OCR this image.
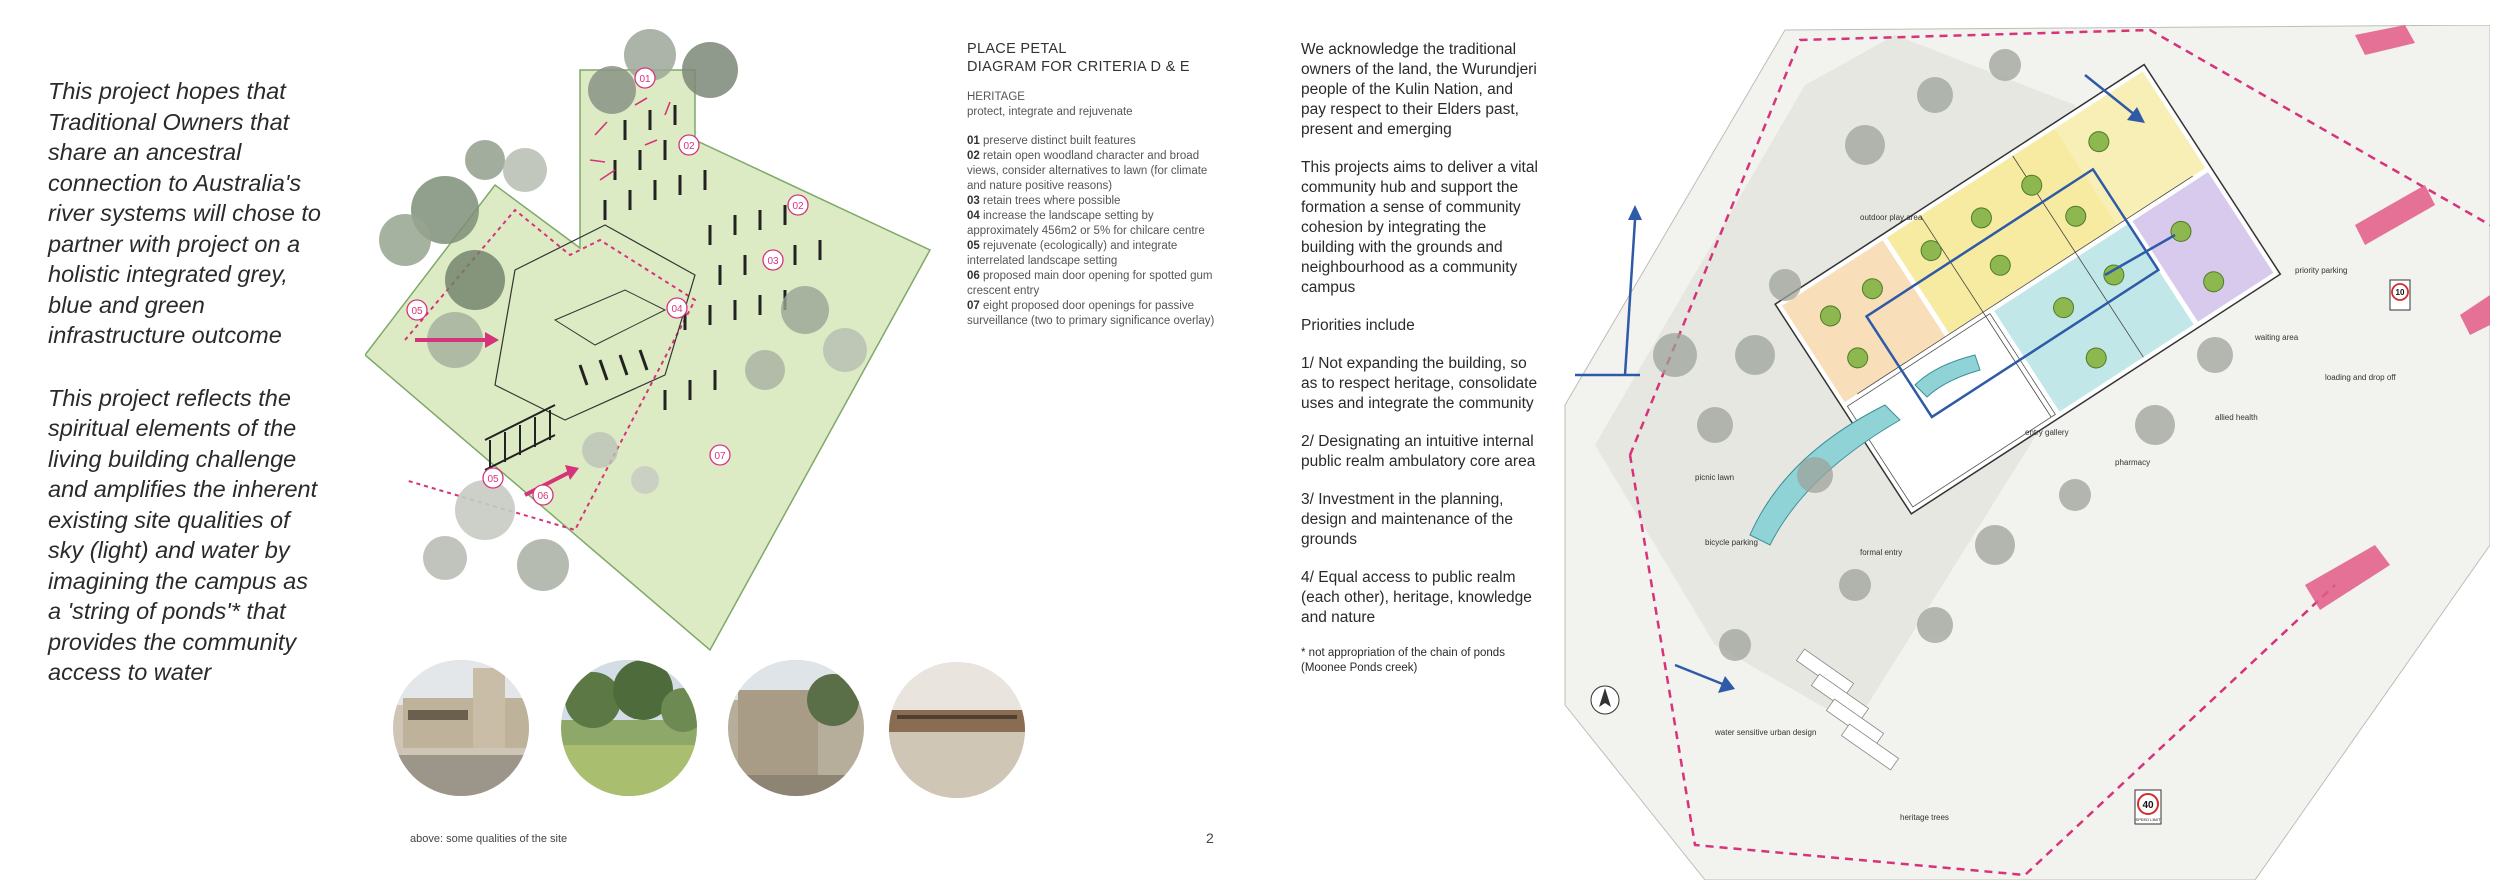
This project hopes that Traditional Owners that share an ancestral connection to Australia's river systems will chose to partner with project on a holistic integrated grey, blue and green infrastructure outcome

This project reflects the spiritual elements of the living building challenge and amplifies the inherent existing site qualities of sky (light) and water by imagining the campus as a 'string of ponds'* that provides the community access to water

01
02
02
03
04
05
05
06
07
PLACE PETAL
DIAGRAM FOR CRITERIA D & E
HERITAGE
protect, integrate and rejuvenate
01 preserve distinct built features
02 retain open woodland character and broad views, consider alternatives to lawn (for climate and nature positive reasons)
03 retain trees where possible
04 increase the landscape setting by approximately 456m2 or 5% for chilcare centre
05 rejuvenate (ecologically) and integrate interrelated landscape setting
06 proposed main door opening for spotted gum crescent entry
07 eight proposed door openings for passive surveillance (two to primary significance overlay)
above: some qualities of the site	2

We acknowledge the traditional owners of the land, the Wurundjeri people of the Kulin Nation, and pay respect to their Elders past, present and emerging

This projects aims to deliver a vital community hub and support the formation a sense of community cohesion by integrating the building with the grounds and neighbourhood as a community campus

Priorities include

1/ Not expanding the building, so as to respect heritage, consolidate uses and integrate the community

2/ Designating an intuitive internal public realm ambulatory core area

3/ Investment in the planning, design and maintenance of the grounds

4/ Equal access to public realm (each other), heritage, knowledge and nature

* not appropriation of the chain of ponds (Moonee Ponds creek)
outdoor play area
priority parking
loading and drop off
picnic lawn
entry gallery
pharmacy
allied health
waiting area
heritage trees
bicycle parking
water sensitive urban design
formal entry
40
SPEED LIMIT
10
